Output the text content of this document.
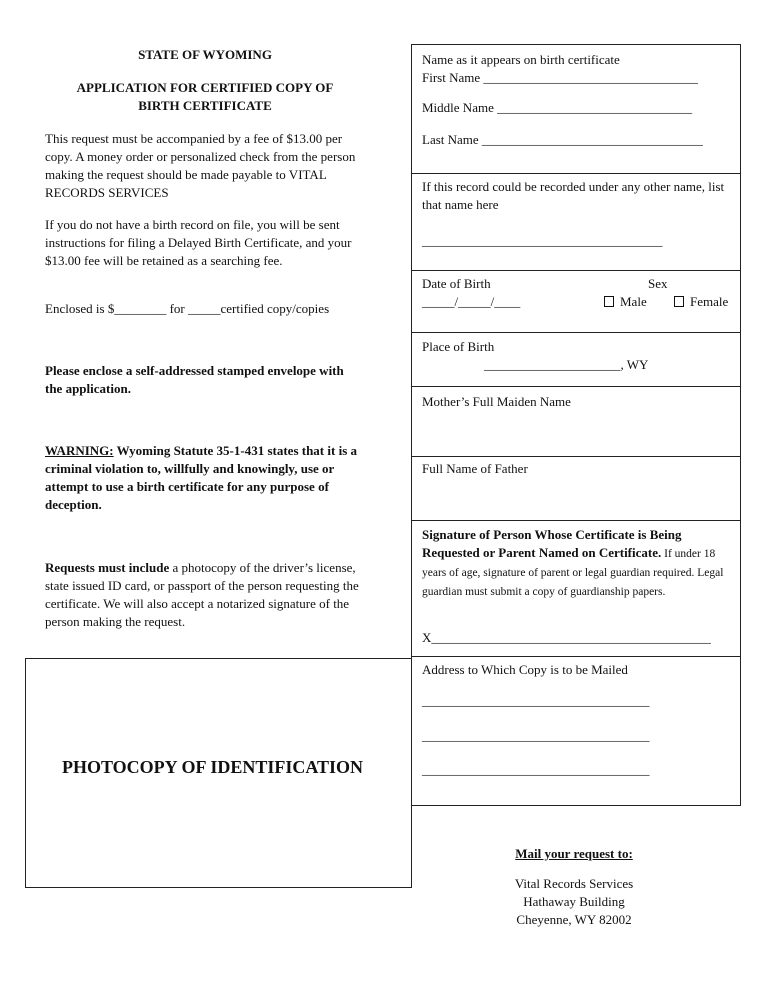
STATE OF WYOMING
APPLICATION FOR CERTIFIED COPY OF
BIRTH CERTIFICATE
This request must be accompanied by a fee of $13.00 per copy. A money order or personalized check from the person making the request should be made payable to VITAL RECORDS SERVICES
If you do not have a birth record on file, you will be sent instructions for filing a Delayed Birth Certificate, and your $13.00 fee will be retained as a searching fee.
Enclosed is $________ for _____certified copy/copies
Please enclose a self-addressed stamped envelope with the application.
WARNING: Wyoming Statute 35-1-431 states that it is a criminal violation to, willfully and knowingly, use or attempt to use a birth certificate for any purpose of deception.
Requests must include a photocopy of the driver’s license, state issued ID card, or passport of the person requesting the certificate. We will also accept a notarized signature of the person making the request.
PHOTOCOPY OF IDENTIFICATION
Name as it appears on birth certificate
First Name _________________________________
Middle Name ______________________________
Last Name __________________________________
If this record could be recorded under any other name, list that name here
_____________________________________
Date of Birth
_____/_____/____
Sex
Male	Female
Place of Birth
_____________________, WY
Mother’s Full Maiden Name
Full Name of Father
Signature of Person Whose Certificate is Being Requested or Parent Named on Certificate. If under 18 years of age, signature of parent or legal guardian required. Legal guardian must submit a copy of guardianship papers.
X___________________________________________
Address to Which Copy is to be Mailed
___________________________________
___________________________________
___________________________________
Mail your request to:
Vital Records Services
Hathaway Building
Cheyenne, WY 82002
